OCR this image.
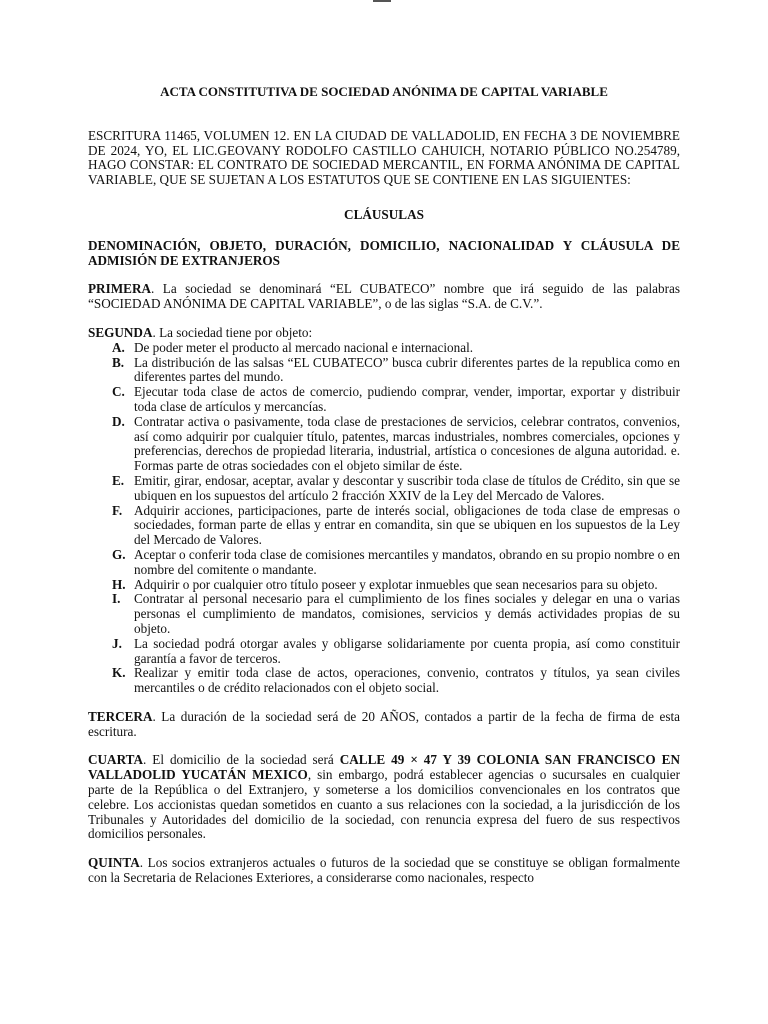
ACTA CONSTITUTIVA DE SOCIEDAD ANÓNIMA DE CAPITAL VARIABLE

ESCRITURA 11465, VOLUMEN 12. EN LA CIUDAD DE VALLADOLID, EN FECHA 3 DE NOVIEMBRE DE 2024, YO, EL LIC.GEOVANY RODOLFO CASTILLO CAHUICH, NOTARIO PÚBLICO NO.254789, HAGO CONSTAR: EL CONTRATO DE SOCIEDAD MERCANTIL, EN FORMA ANÓNIMA DE CAPITAL VARIABLE, QUE SE SUJETAN A LOS ESTATUTOS QUE SE CONTIENE EN LAS SIGUIENTES:

CLÁUSULAS

DENOMINACIÓN, OBJETO, DURACIÓN, DOMICILIO, NACIONALIDAD Y CLÁUSULA DE ADMISIÓN DE EXTRANJEROS

PRIMERA. La sociedad se denominará “EL CUBATECO” nombre que irá seguido de las palabras “SOCIEDAD ANÓNIMA DE CAPITAL VARIABLE”, o de las siglas “S.A. de C.V.”.

SEGUNDA. La sociedad tiene por objeto:

A. De poder meter el producto al mercado nacional e internacional.
B. La distribución de las salsas “EL CUBATECO” busca cubrir diferentes partes de la republica como en diferentes partes del mundo.
C. Ejecutar toda clase de actos de comercio, pudiendo comprar, vender, importar, exportar y distribuir toda clase de artículos y mercancías.
D. Contratar activa o pasivamente, toda clase de prestaciones de servicios, celebrar contratos, convenios, así como adquirir por cualquier título, patentes, marcas industriales, nombres comerciales, opciones y preferencias, derechos de propiedad literaria, industrial, artística o concesiones de alguna autoridad. e. Formas parte de otras sociedades con el objeto similar de éste.
E. Emitir, girar, endosar, aceptar, avalar y descontar y suscribir toda clase de títulos de Crédito, sin que se ubiquen en los supuestos del artículo 2 fracción XXIV de la Ley del Mercado de Valores.
F. Adquirir acciones, participaciones, parte de interés social, obligaciones de toda clase de empresas o sociedades, forman parte de ellas y entrar en comandita, sin que se ubiquen en los supuestos de la Ley del Mercado de Valores.
G. Aceptar o conferir toda clase de comisiones mercantiles y mandatos, obrando en su propio nombre o en nombre del comitente o mandante.
H. Adquirir o por cualquier otro título poseer y explotar inmuebles que sean necesarios para su objeto.
I. Contratar al personal necesario para el cumplimiento de los fines sociales y delegar en una o varias personas el cumplimiento de mandatos, comisiones, servicios y demás actividades propias de su objeto.
J. La sociedad podrá otorgar avales y obligarse solidariamente por cuenta propia, así como constituir garantía a favor de terceros.
K. Realizar y emitir toda clase de actos, operaciones, convenio, contratos y títulos, ya sean civiles mercantiles o de crédito relacionados con el objeto social.

TERCERA. La duración de la sociedad será de 20 AÑOS, contados a partir de la fecha de firma de esta escritura.

CUARTA. El domicilio de la sociedad será CALLE 49 × 47 Y 39 COLONIA SAN FRANCISCO EN VALLADOLID YUCATÁN MEXICO, sin embargo, podrá establecer agencias o sucursales en cualquier parte de la República o del Extranjero, y someterse a los domicilios convencionales en los contratos que celebre. Los accionistas quedan sometidos en cuanto a sus relaciones con la sociedad, a la jurisdicción de los Tribunales y Autoridades del domicilio de la sociedad, con renuncia expresa del fuero de sus respectivos domicilios personales.

QUINTA. Los socios extranjeros actuales o futuros de la sociedad que se constituye se obligan formalmente con la Secretaria de Relaciones Exteriores, a considerarse como nacionales, respecto
